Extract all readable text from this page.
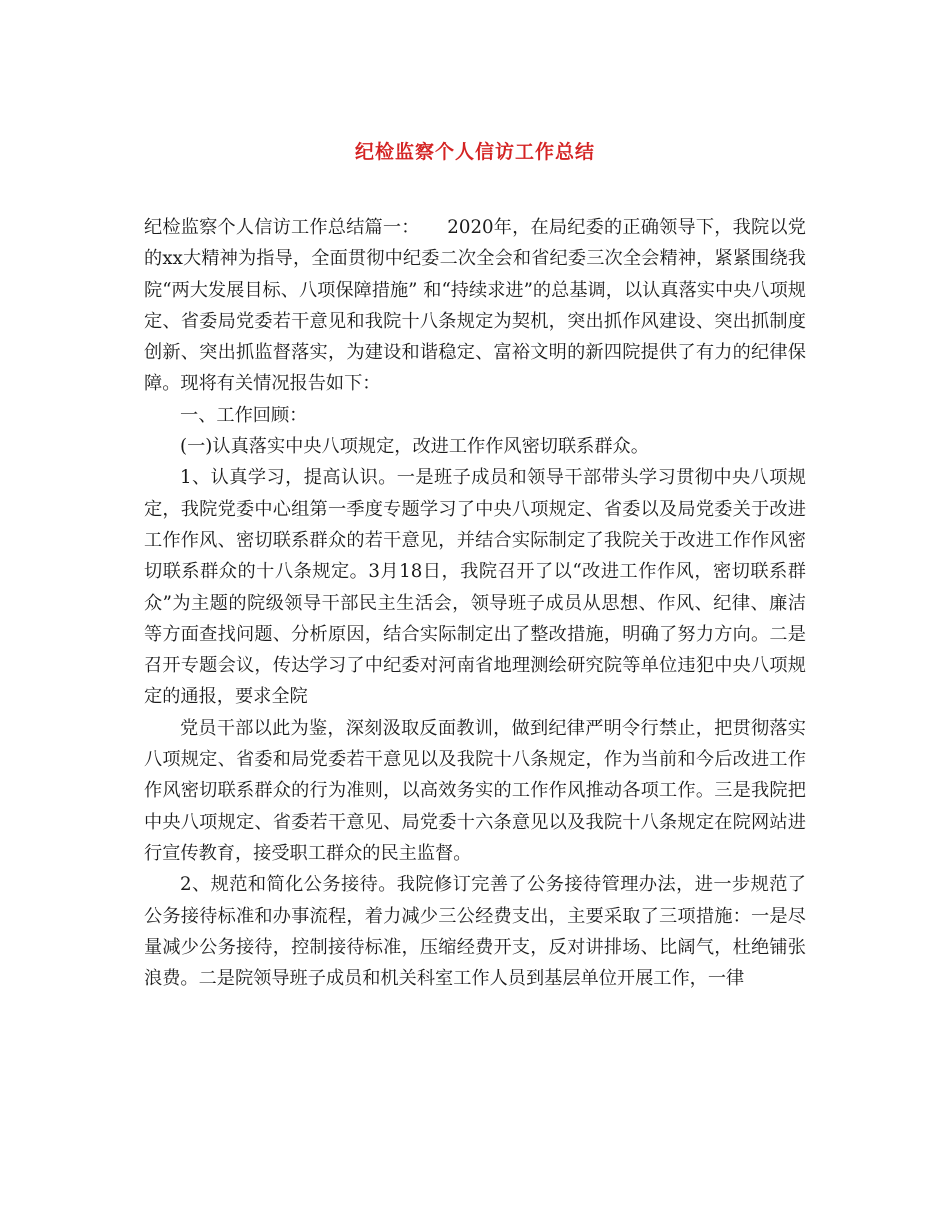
纪检监察个人信访工作总结

纪检监察个人信访工作总结篇一：　　2020年，在局纪委的正确领导下，我院以党的xx大精神为指导，全面贯彻中纪委二次全会和省纪委三次全会精神，紧紧围绕我院“两大发展目标、八项保障措施” 和“持续求进”的总基调，以认真落实中央八项规定、省委局党委若干意见和我院十八条规定为契机，突出抓作风建设、突出抓制度创新、突出抓监督落实，为建设和谐稳定、富裕文明的新四院提供了有力的纪律保障。现将有关情况报告如下：

一、工作回顾：

(一)认真落实中央八项规定，改进工作作风密切联系群众。

1、认真学习，提高认识。一是班子成员和领导干部带头学习贯彻中央八项规定，我院党委中心组第一季度专题学习了中央八项规定、省委以及局党委关于改进工作作风、密切联系群众的若干意见，并结合实际制定了我院关于改进工作作风密切联系群众的十八条规定。3月18日，我院召开了以“改进工作作风，密切联系群众”为主题的院级领导干部民主生活会，领导班子成员从思想、作风、纪律、廉洁等方面查找问题、分析原因，结合实际制定出了整改措施，明确了努力方向。二是召开专题会议，传达学习了中纪委对河南省地理测绘研究院等单位违犯中央八项规定的通报，要求全院

党员干部以此为鉴，深刻汲取反面教训，做到纪律严明令行禁止，把贯彻落实八项规定、省委和局党委若干意见以及我院十八条规定，作为当前和今后改进工作作风密切联系群众的行为准则，以高效务实的工作作风推动各项工作。三是我院把中央八项规定、省委若干意见、局党委十六条意见以及我院十八条规定在院网站进行宣传教育，接受职工群众的民主监督。

2、规范和简化公务接待。我院修订完善了公务接待管理办法，进一步规范了公务接待标准和办事流程，着力减少三公经费支出，主要采取了三项措施：一是尽量减少公务接待，控制接待标准，压缩经费开支，反对讲排场、比阔气，杜绝铺张浪费。二是院领导班子成员和机关科室工作人员到基层单位开展工作，一律
